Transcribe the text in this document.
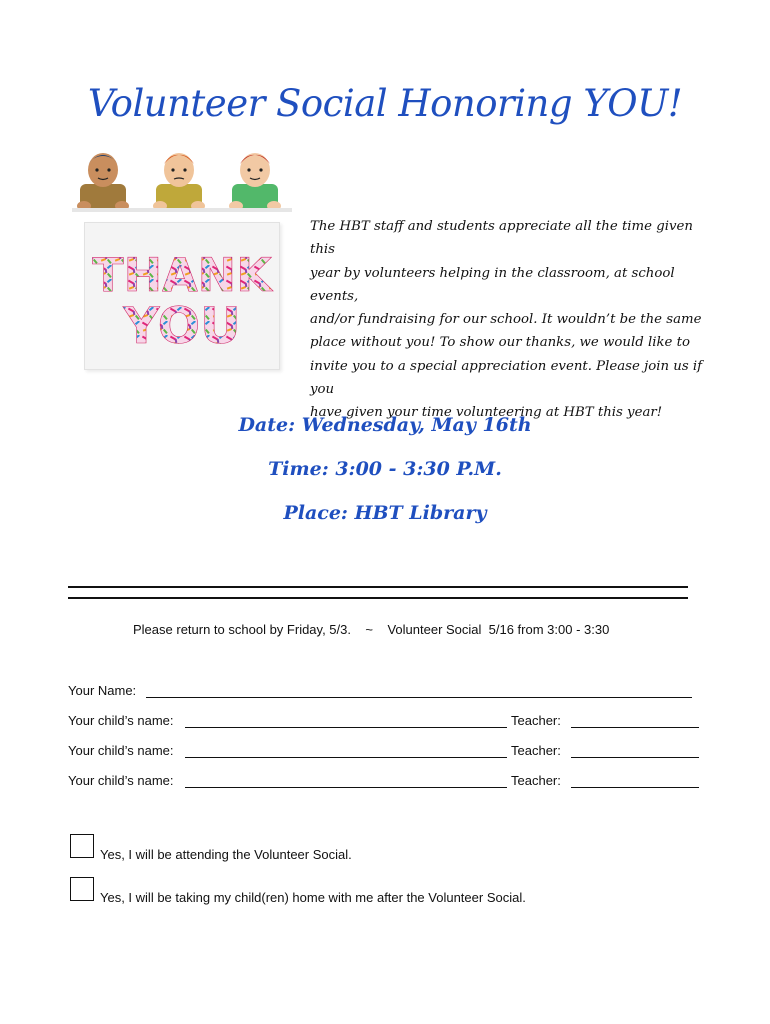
Volunteer Social Honoring YOU!
THANK
YOU
The HBT staff and students appreciate all the time given this
year by volunteers helping in the classroom, at school events,
and/or fundraising for our school. It wouldn’t be the same
place without you! To show our thanks, we would like to
invite you to a special appreciation event. Please join us if you
have given your time volunteering at HBT this year!
Date: Wednesday, May 16th
Time: 3:00 - 3:30 P.M.
Place: HBT Library
Please return to school by Friday, 5/3.    ~    Volunteer Social  5/16 from 3:00 - 3:30
Your Name:
Your child’s name:	Teacher:
Your child’s name:	Teacher:
Your child’s name:	Teacher:
Yes, I will be attending the Volunteer Social.
Yes, I will be taking my child(ren) home with me after the Volunteer Social.
